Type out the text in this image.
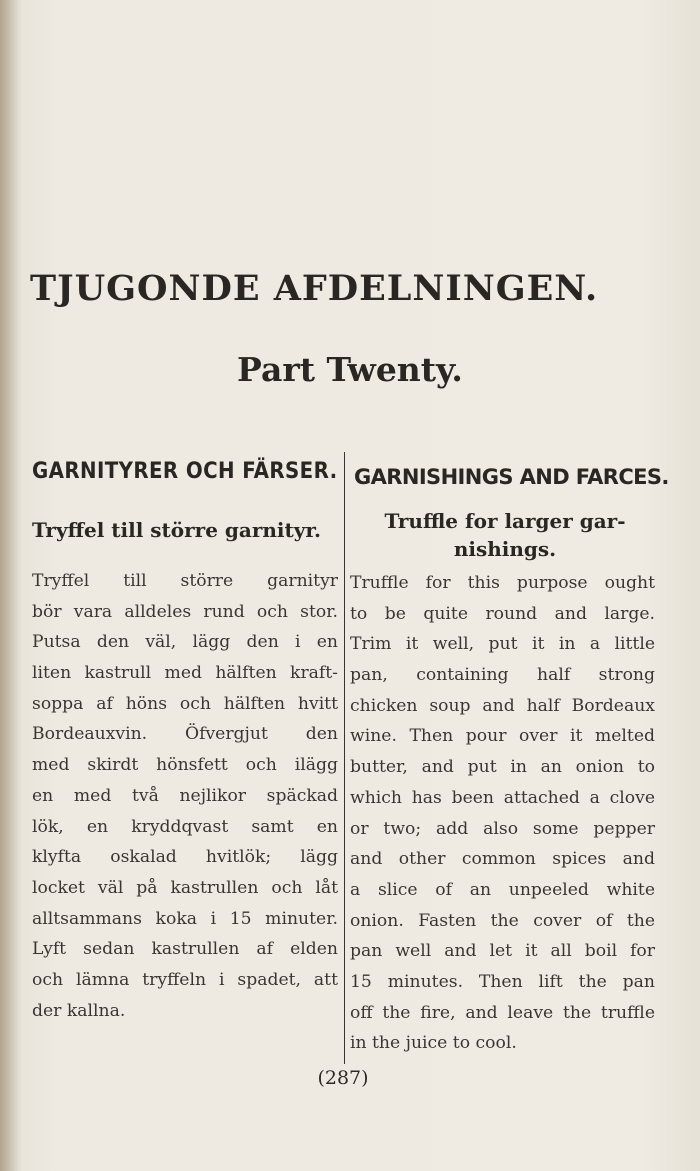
TJUGONDE AFDELNINGEN.
Part Twenty.
GARNITYRER OCH FÄRSER. GARNISHINGS AND FARCES.
Tryffel till större garnityr.	Truffle for larger gar-nishings.
Tryffel till större garnityr
bör vara alldeles rund och stor.
Putsa den väl, lägg den i en
liten kastrull med hälften kraft-
soppa af höns och hälften hvitt
Bordeauxvin. Öfvergjut den
med skirdt hönsfett och ilägg
en med två nejlikor späckad
lök, en kryddqvast samt en
klyfta oskalad hvitlök; lägg
locket väl på kastrullen och låt
alltsammans koka i 15 minuter.
Lyft sedan kastrullen af elden
och lämna tryffeln i spadet, att
der kallna.
Truffle for this purpose ought
to be quite round and large.
Trim it well, put it in a little
pan, containing half strong
chicken soup and half Bordeaux
wine. Then pour over it melted
butter, and put in an onion to
which has been attached a clove
or two; add also some pepper
and other common spices and
a slice of an unpeeled white
onion. Fasten the cover of the
pan well and let it all boil for
15 minutes. Then lift the pan
off the fire, and leave the truffle
in the juice to cool.

(287)
